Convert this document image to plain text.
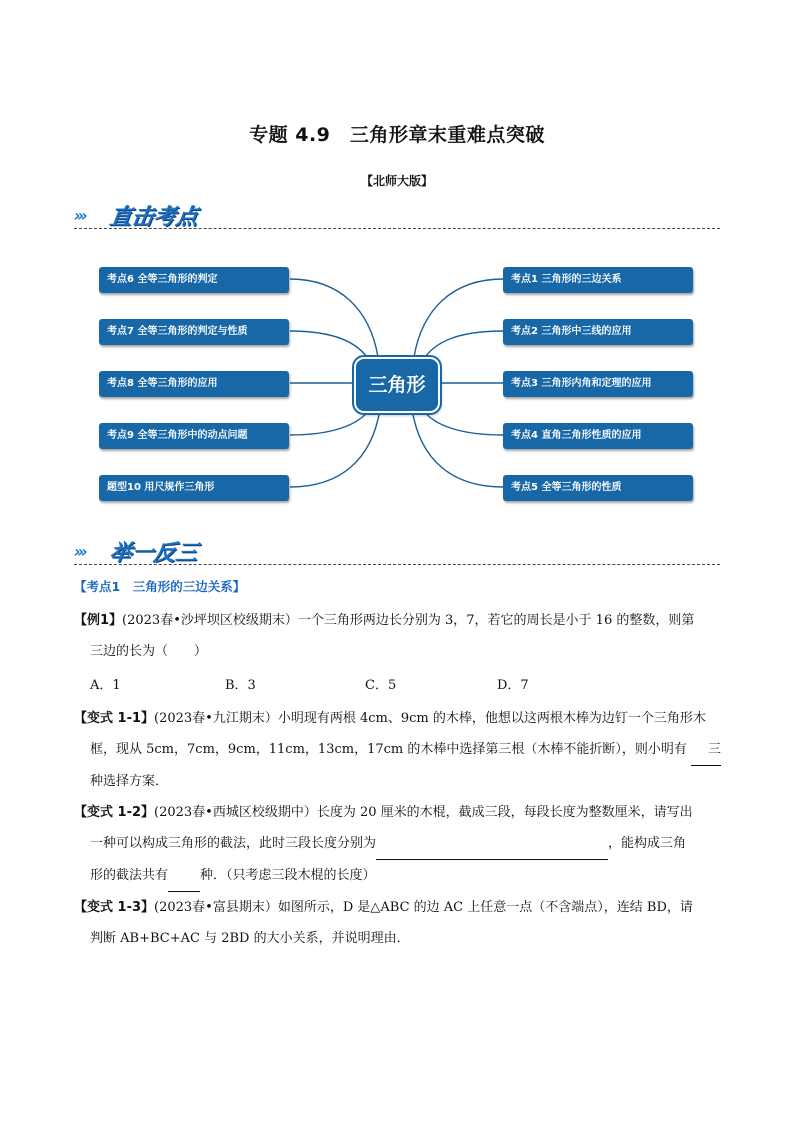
专题 4.9　三角形章末重难点突破
【北师大版】
››› 直击考点
考点6 全等三角形的判定
考点7 全等三角形的判定与性质
考点8 全等三角形的应用
考点9 全等三角形中的动点问题
题型10 用尺规作三角形
考点1 三角形的三边关系
考点2 三角形中三线的应用
考点3 三角形内角和定理的应用
考点4 直角三角形性质的应用
考点5 全等三角形的性质
三角形
››› 举一反三
【考点1　三角形的三边关系】
【例1】(2023春•沙坪坝区校级期末）一个三角形两边长分别为 3，7，若它的周长是小于 16 的整数，则第
三边的长为（　　）
A．1	B．3	C．5	D．7
【变式 1-1】(2023春•九江期末）小明现有两根 4cm、9cm 的木棒，他想以这两根木棒为边钉一个三角形木
框，现从 5cm，7cm，9cm，11cm，13cm，17cm 的木棒中选择第三根（木棒不能折断），则小明有 三
种选择方案．
【变式 1-2】(2023春•西城区校级期中）长度为 20 厘米的木棍，截成三段，每段长度为整数厘米，请写出
一种可以构成三角形的截法，此时三段长度分别为	，能构成三角
形的截法共有 种．（只考虑三段木棍的长度）
【变式 1-3】(2023春•富县期末）如图所示，D 是△ABC 的边 AC 上任意一点（不含端点），连结 BD，请
判断 AB+BC+AC 与 2BD 的大小关系，并说明理由．
